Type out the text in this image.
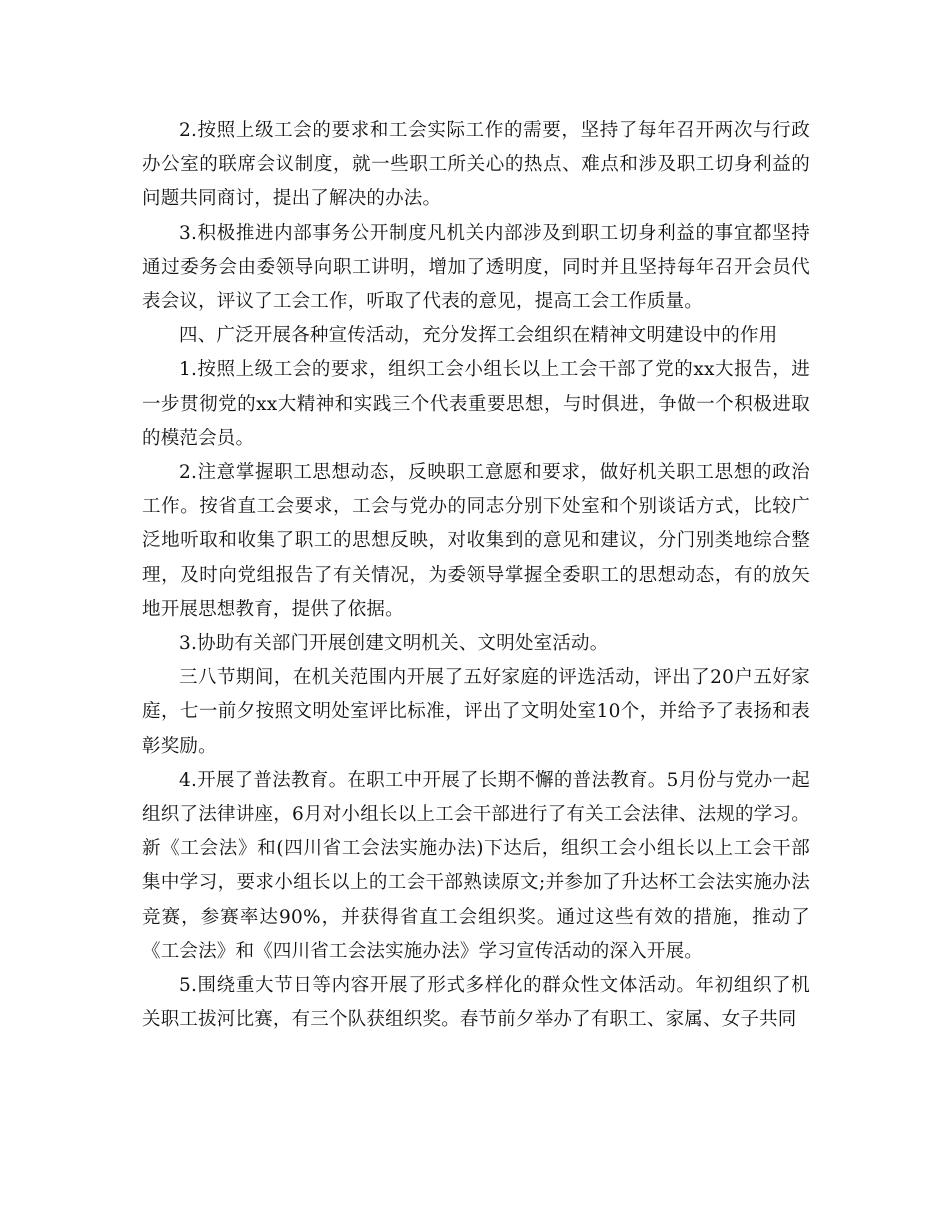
2.按照上级工会的要求和工会实际工作的需要，坚持了每年召开两次与行政办公室的联席会议制度，就一些职工所关心的热点、难点和涉及职工切身利益的问题共同商讨，提出了解决的办法。

3.积极推进内部事务公开制度凡机关内部涉及到职工切身利益的事宜都坚持通过委务会由委领导向职工讲明，增加了透明度，同时并且坚持每年召开会员代表会议，评议了工会工作，听取了代表的意见，提高工会工作质量。

四、广泛开展各种宣传活动，充分发挥工会组织在精神文明建设中的作用

1.按照上级工会的要求，组织工会小组长以上工会干部了党的xx大报告，进一步贯彻党的xx大精神和实践三个代表重要思想，与时俱进，争做一个积极进取的模范会员。

2.注意掌握职工思想动态，反映职工意愿和要求，做好机关职工思想的政治工作。按省直工会要求，工会与党办的同志分别下处室和个别谈话方式，比较广泛地听取和收集了职工的思想反映，对收集到的意见和建议，分门别类地综合整理，及时向党组报告了有关情况，为委领导掌握全委职工的思想动态，有的放矢地开展思想教育，提供了依据。

3.协助有关部门开展创建文明机关、文明处室活动。

三八节期间，在机关范围内开展了五好家庭的评选活动，评出了20户五好家庭，七一前夕按照文明处室评比标准，评出了文明处室10个，并给予了表扬和表彰奖励。

4.开展了普法教育。在职工中开展了长期不懈的普法教育。5月份与党办一起组织了法律讲座，6月对小组长以上工会干部进行了有关工会法律、法规的学习。新《工会法》和(四川省工会法实施办法)下达后，组织工会小组长以上工会干部集中学习，要求小组长以上的工会干部熟读原文;并参加了升达杯工会法实施办法竞赛，参赛率达90%，并获得省直工会组织奖。通过这些有效的措施，推动了《工会法》和《四川省工会法实施办法》学习宣传活动的深入开展。

5.围绕重大节日等内容开展了形式多样化的群众性文体活动。年初组织了机关职工拔河比赛，有三个队获组织奖。春节前夕举办了有职工、家属、女子共同
